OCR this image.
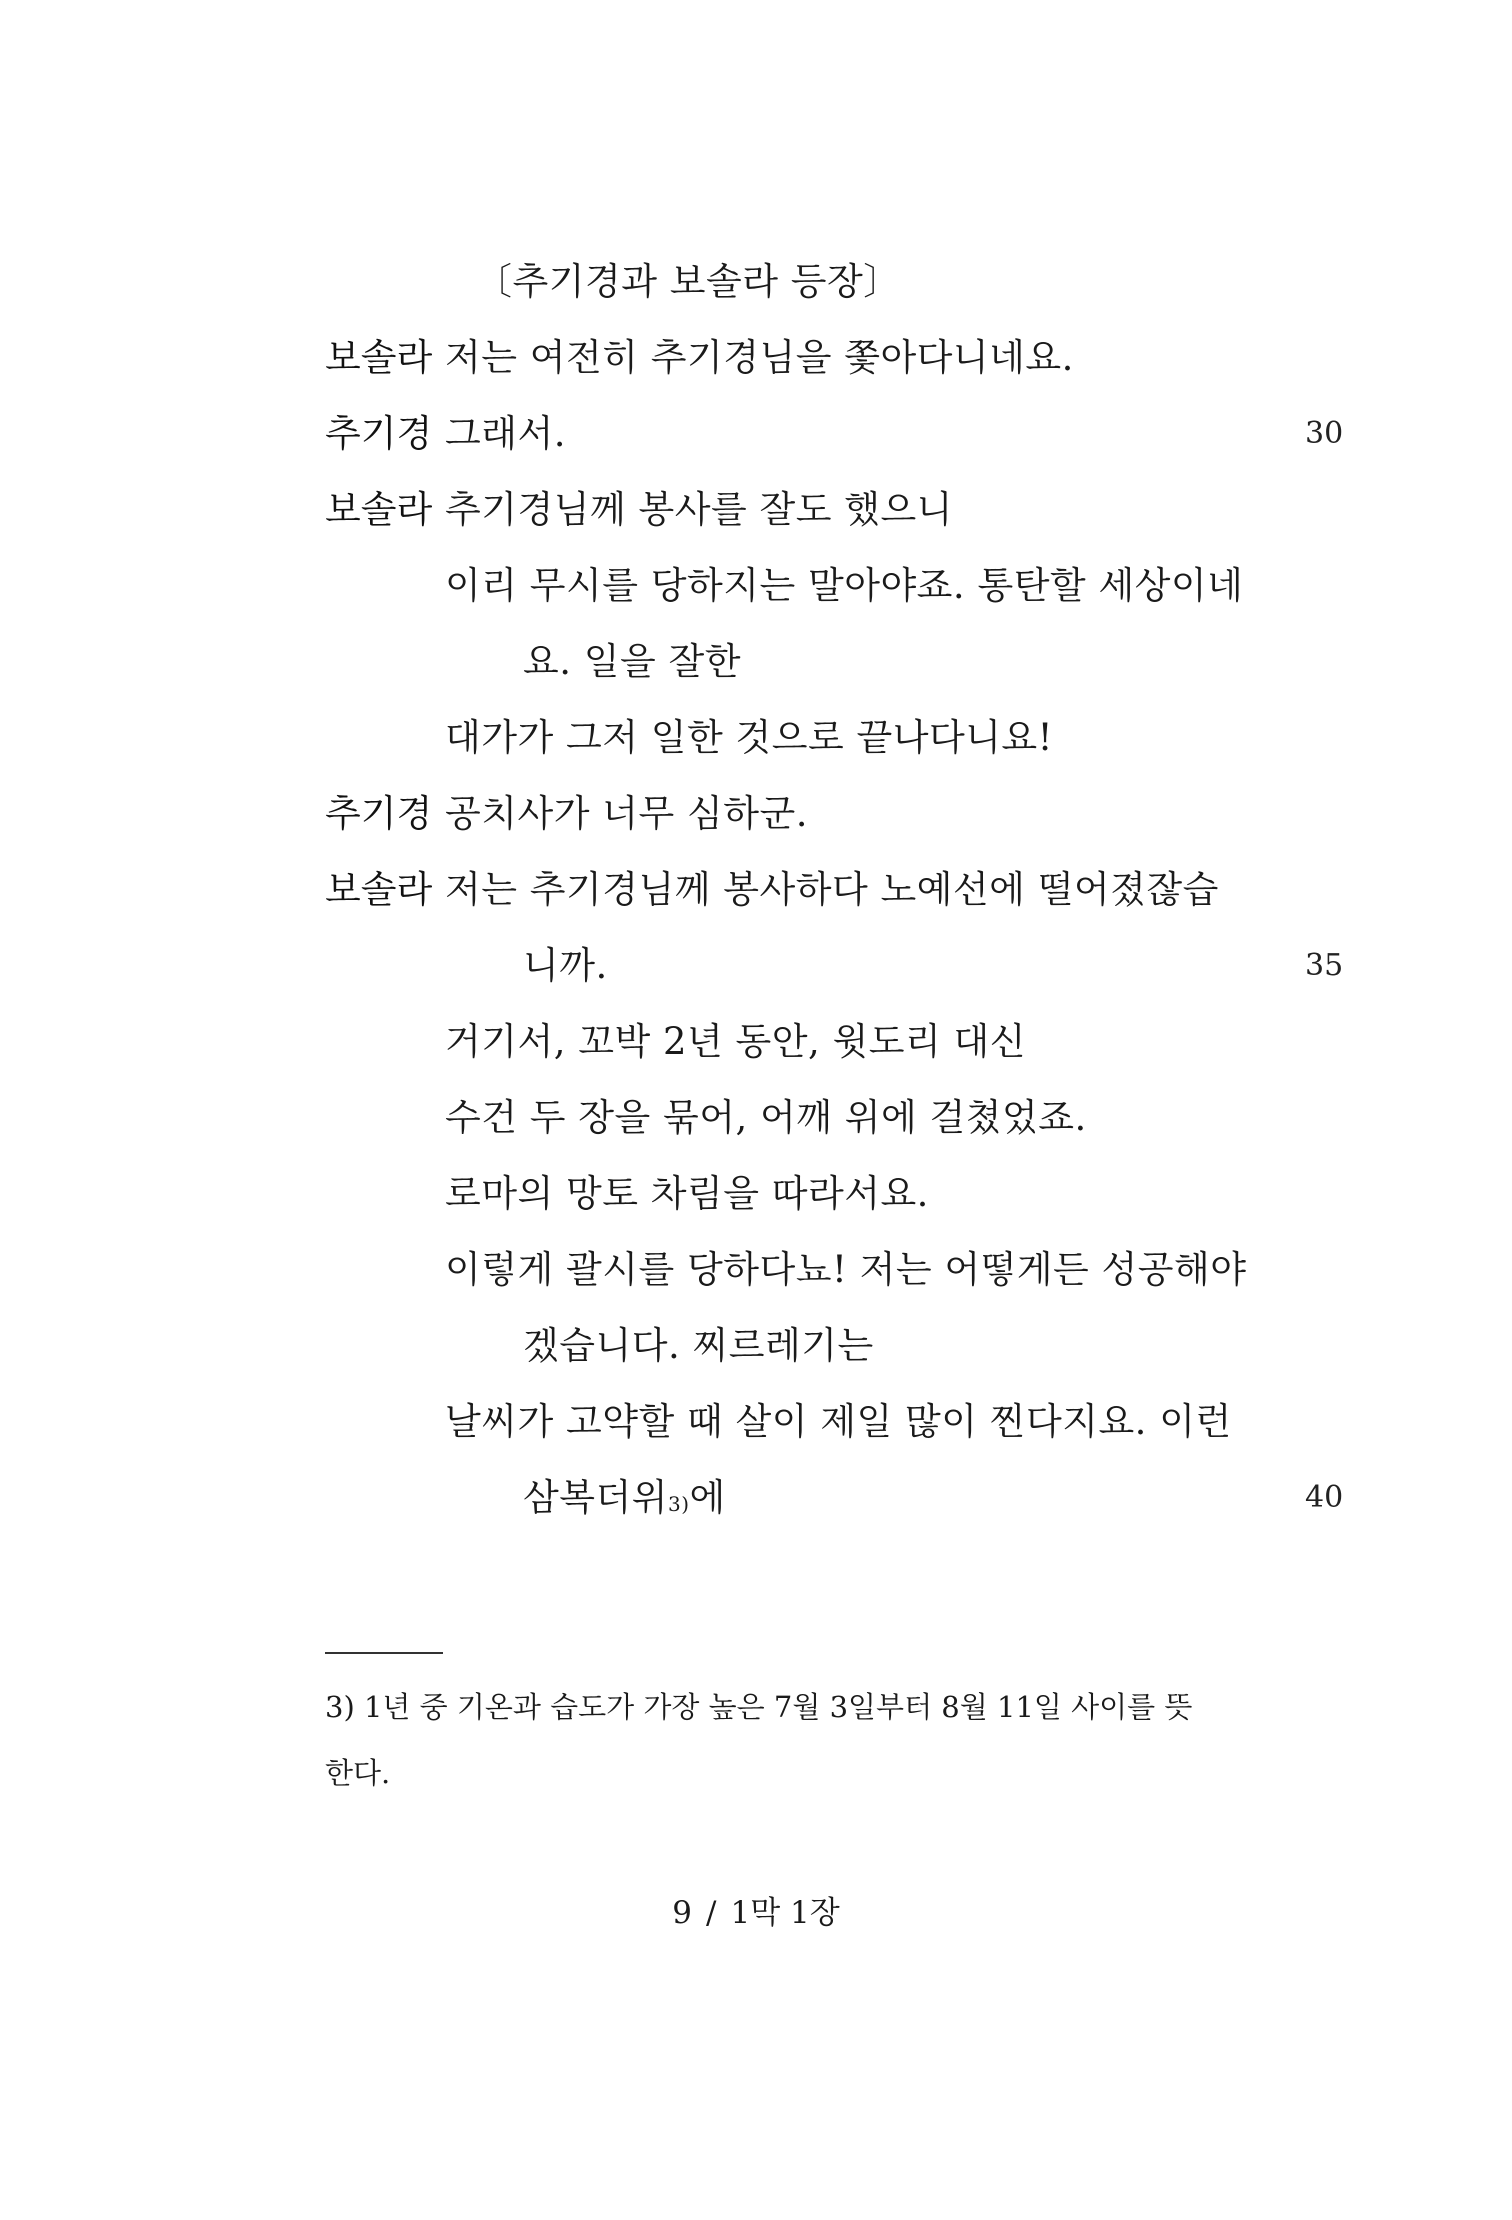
〔추기경과 보솔라 등장〕
보솔라 저는 여전히 추기경님을 쫓아다니네요.
추기경 그래서.	30
보솔라 추기경님께 봉사를 잘도 했으니
이리 무시를 당하지는 말아야죠. 통탄할 세상이네
요. 일을 잘한
대가가 그저 일한 것으로 끝나다니요!
추기경 공치사가 너무 심하군.
보솔라 저는 추기경님께 봉사하다 노예선에 떨어졌잖습
니까.	35
거기서, 꼬박 2년 동안, 윗도리 대신
수건 두 장을 묶어, 어깨 위에 걸쳤었죠.
로마의 망토 차림을 따라서요.
이렇게 괄시를 당하다뇨! 저는 어떻게든 성공해야
겠습니다. 찌르레기는
날씨가 고약할 때 살이 제일 많이 찐다지요. 이런
삼복더위$^{3)}$에	40
3) 1년 중 기온과 습도가 가장 높은 7월 3일부터 8월 11일 사이를 뜻
한다.
9 / 1막 1장
